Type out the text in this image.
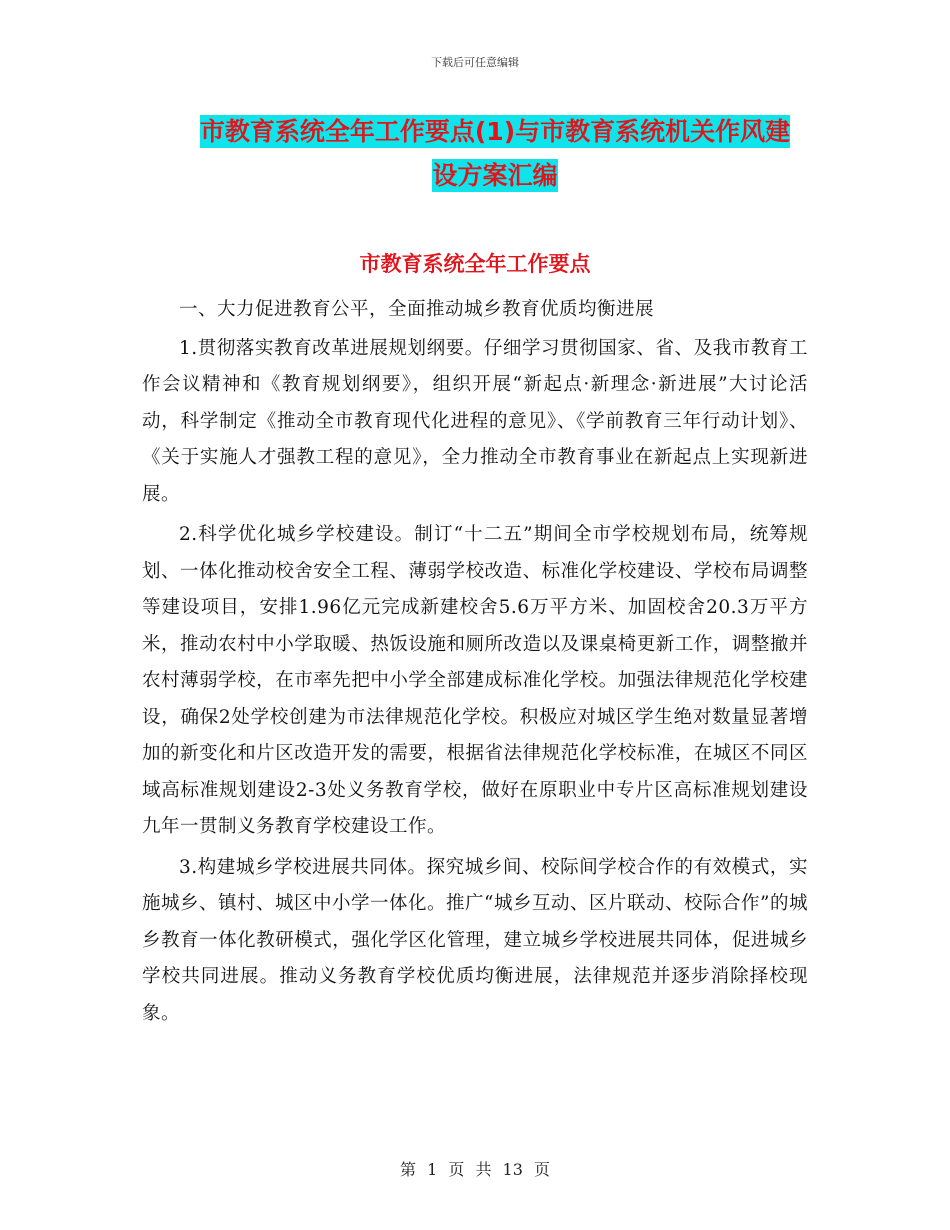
下载后可任意编辑
市教育系统全年工作要点(1)与市教育系统机关作风建
设方案汇编
市教育系统全年工作要点

一、大力促进教育公平，全面推动城乡教育优质均衡进展

1.贯彻落实教育改革进展规划纲要。仔细学习贯彻国家、省、及我市教育工作会议精神和《教育规划纲要》，组织开展“新起点·新理念·新进展”大讨论活动，科学制定《推动全市教育现代化进程的意见》、《学前教育三年行动计划》、《关于实施人才强教工程的意见》，全力推动全市教育事业在新起点上实现新进展。

2.科学优化城乡学校建设。制订“十二五”期间全市学校规划布局，统筹规划、一体化推动校舍安全工程、薄弱学校改造、标准化学校建设、学校布局调整等建设项目，安排1.96亿元完成新建校舍5.6万平方米、加固校舍20.3万平方米，推动农村中小学取暖、热饭设施和厕所改造以及课桌椅更新工作，调整撤并农村薄弱学校，在市率先把中小学全部建成标准化学校。加强法律规范化学校建设，确保2处学校创建为市法律规范化学校。积极应对城区学生绝对数量显著增加的新变化和片区改造开发的需要，根据省法律规范化学校标准，在城区不同区域高标准规划建设2-3处义务教育学校，做好在原职业中专片区高标准规划建设九年一贯制义务教育学校建设工作。

3.构建城乡学校进展共同体。探究城乡间、校际间学校合作的有效模式，实施城乡、镇村、城区中小学一体化。推广“城乡互动、区片联动、校际合作”的城乡教育一体化教研模式，强化学区化管理，建立城乡学校进展共同体，促进城乡学校共同进展。推动义务教育学校优质均衡进展，法律规范并逐步消除择校现象。

第 1 页 共 13 页
